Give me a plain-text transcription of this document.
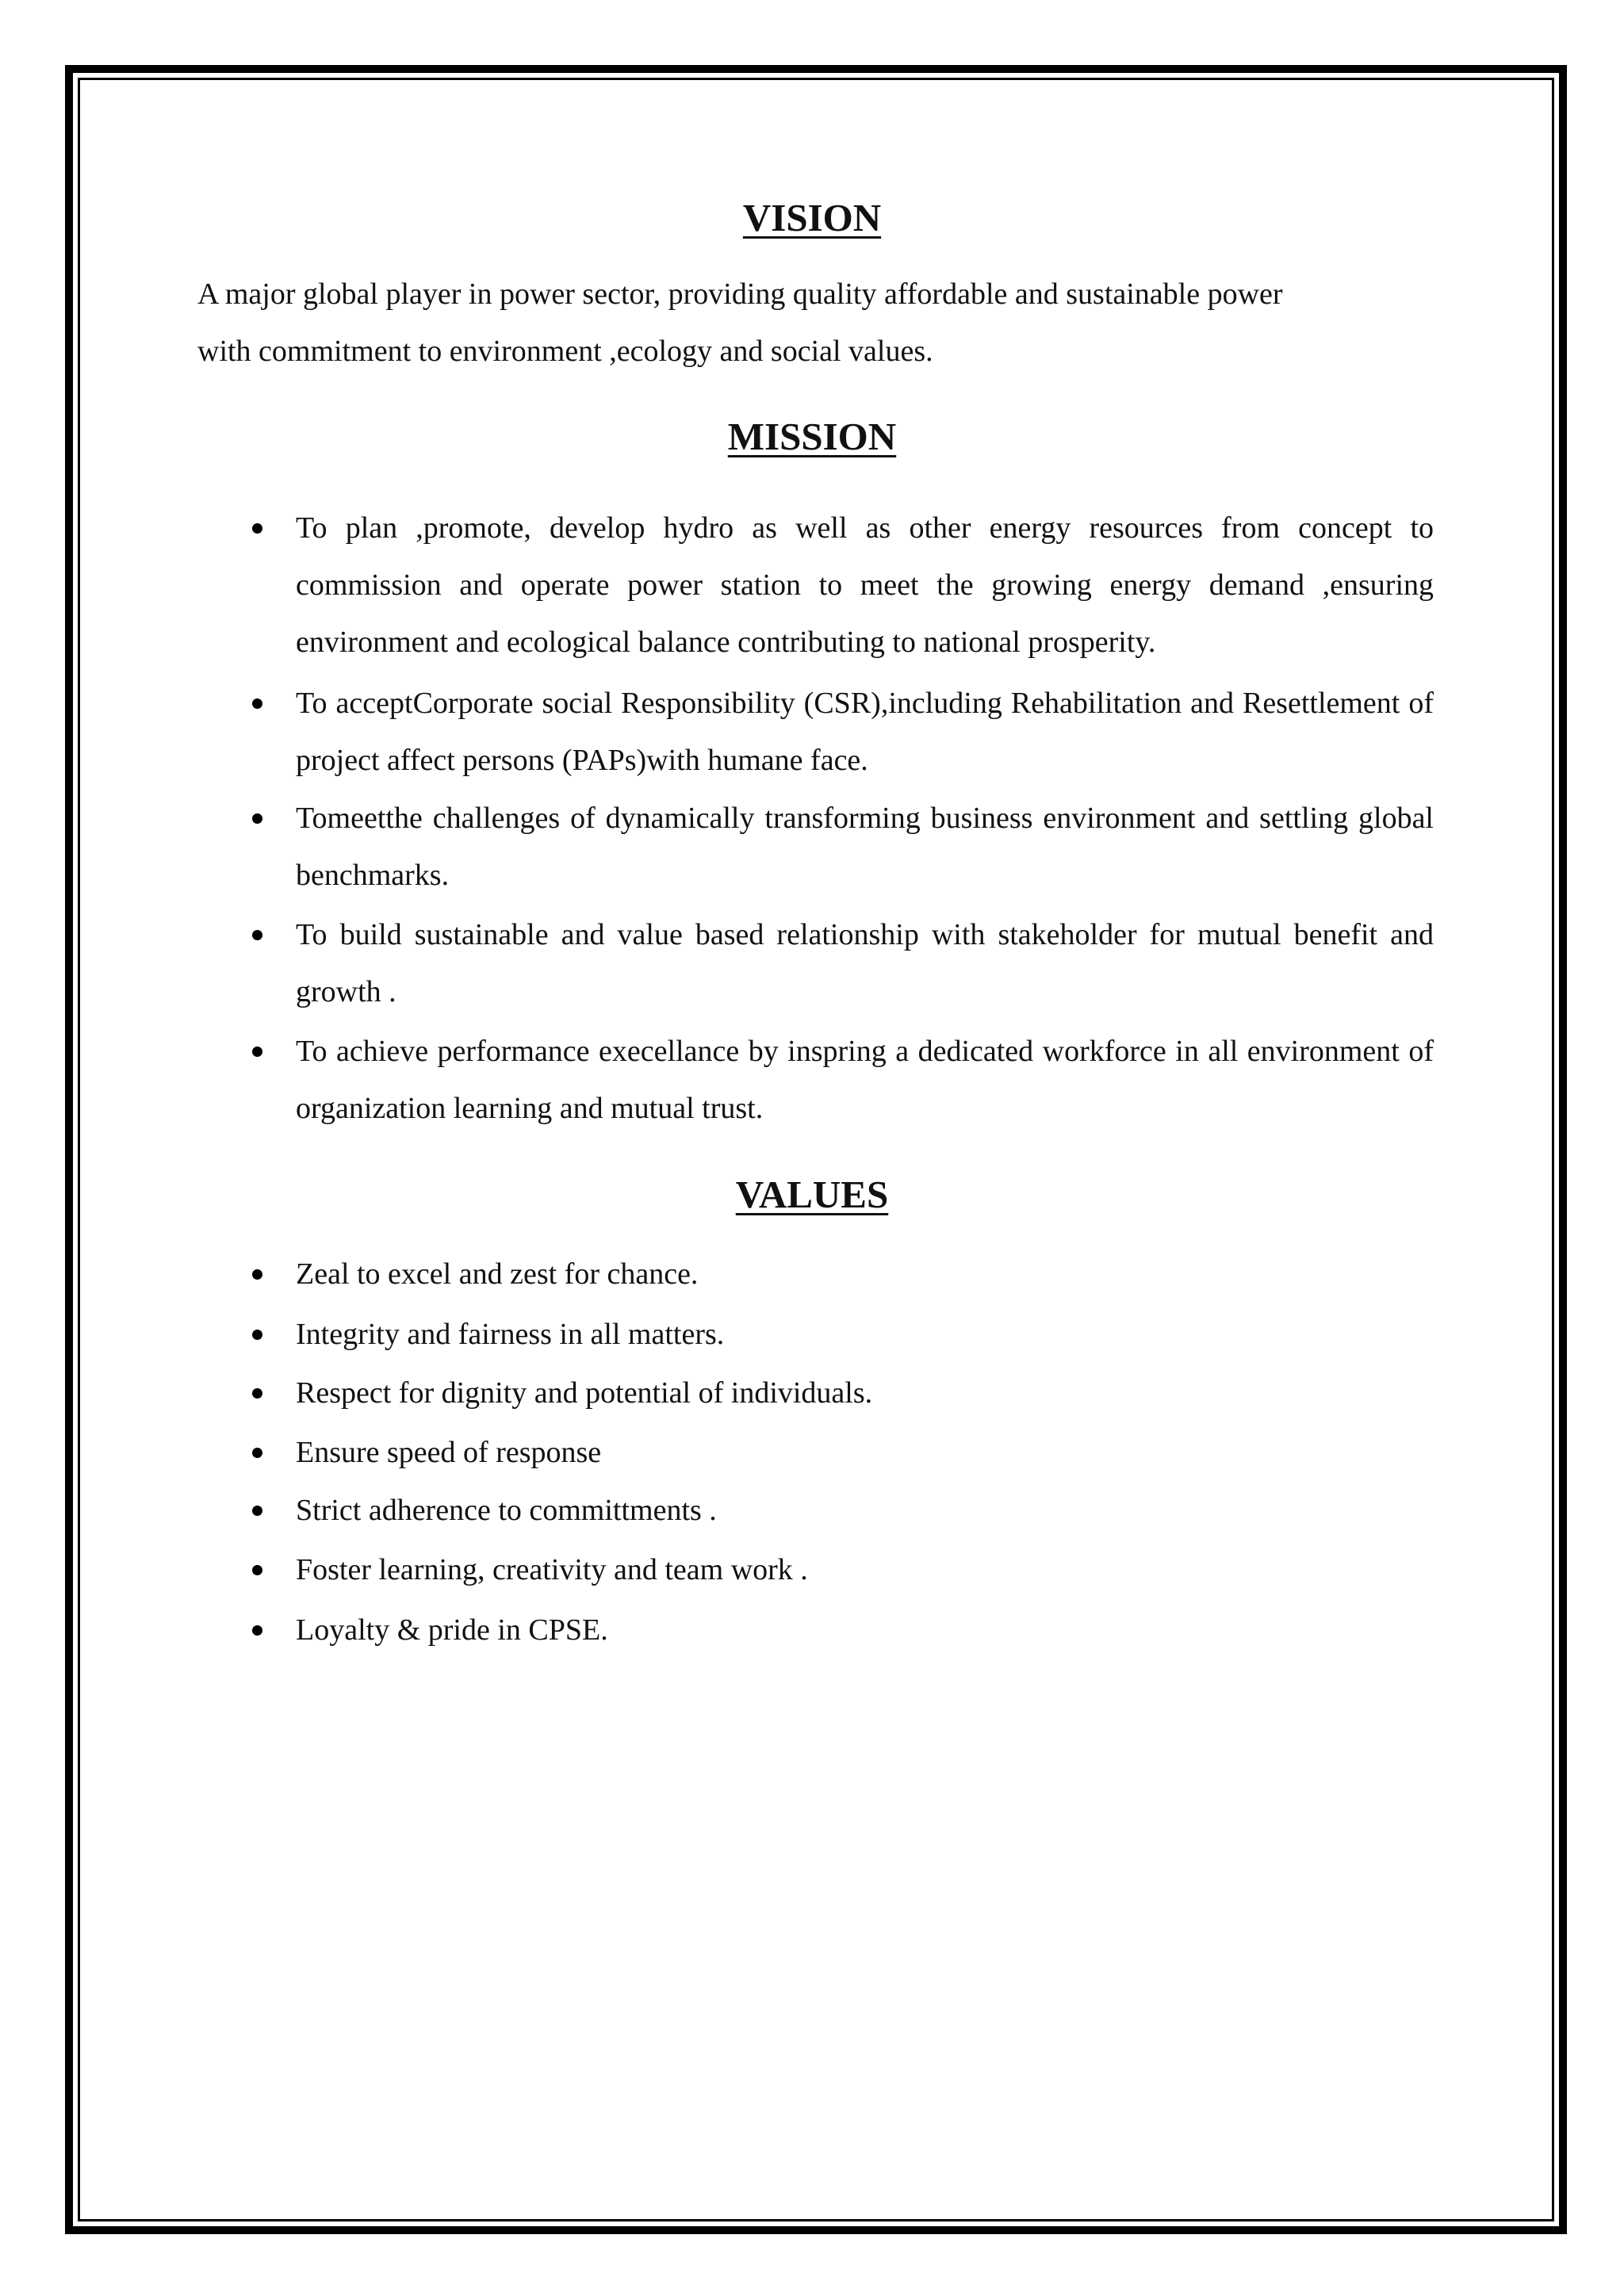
VISION

A major global player in power sector, providing quality affordable and sustainable power

with commitment to environment ,ecology and social values.

MISSION

To plan ,promote, develop hydro as well as other energy resources from concept to commission and operate power station to meet the growing energy demand ,ensuring environment and ecological balance contributing to national prosperity.

To acceptCorporate social Responsibility (CSR),including Rehabilitation and Resettlement of project affect persons (PAPs)with humane face.

Tomeetthe challenges of dynamically transforming business environment and settling global benchmarks.

To build sustainable and value based relationship with stakeholder for mutual benefit and growth .

To achieve performance execellance by inspring a dedicated workforce in all environment of organization learning and mutual trust.

VALUES

Zeal to excel and zest for chance.

Integrity and fairness in all matters.

Respect for dignity and potential of individuals.

Ensure speed of response

Strict adherence to committments .

Foster learning, creativity and team work .

Loyalty & pride in CPSE.
